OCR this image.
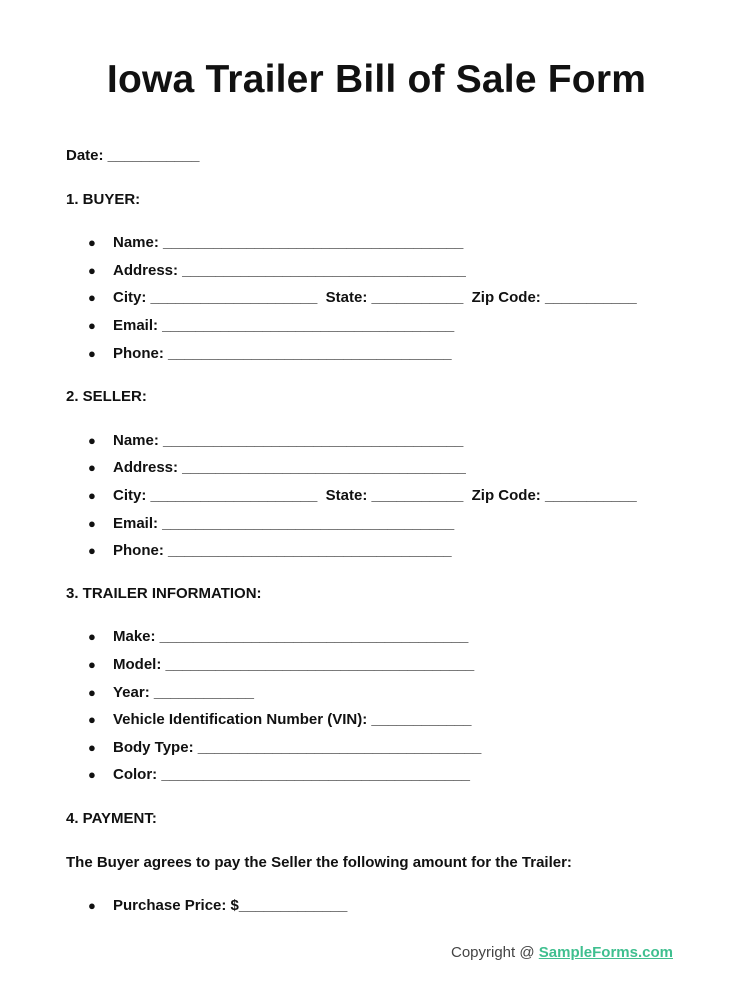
Iowa Trailer Bill of Sale Form

Date: ___________

1. BUYER:

● Name: ____________________________________

● Address: __________________________________

● City: ____________________  State: ___________  Zip Code: ___________

● Email: ___________________________________

● Phone: __________________________________

2. SELLER:

● Name: ____________________________________

● Address: __________________________________

● City: ____________________  State: ___________  Zip Code: ___________

● Email: ___________________________________

● Phone: __________________________________

3. TRAILER INFORMATION:

● Make: _____________________________________

● Model: _____________________________________

● Year: ____________

● Vehicle Identification Number (VIN): ____________

● Body Type: __________________________________

● Color: _____________________________________

4. PAYMENT:

The Buyer agrees to pay the Seller the following amount for the Trailer:

● Purchase Price: $_____________

Copyright @ SampleForms.com
